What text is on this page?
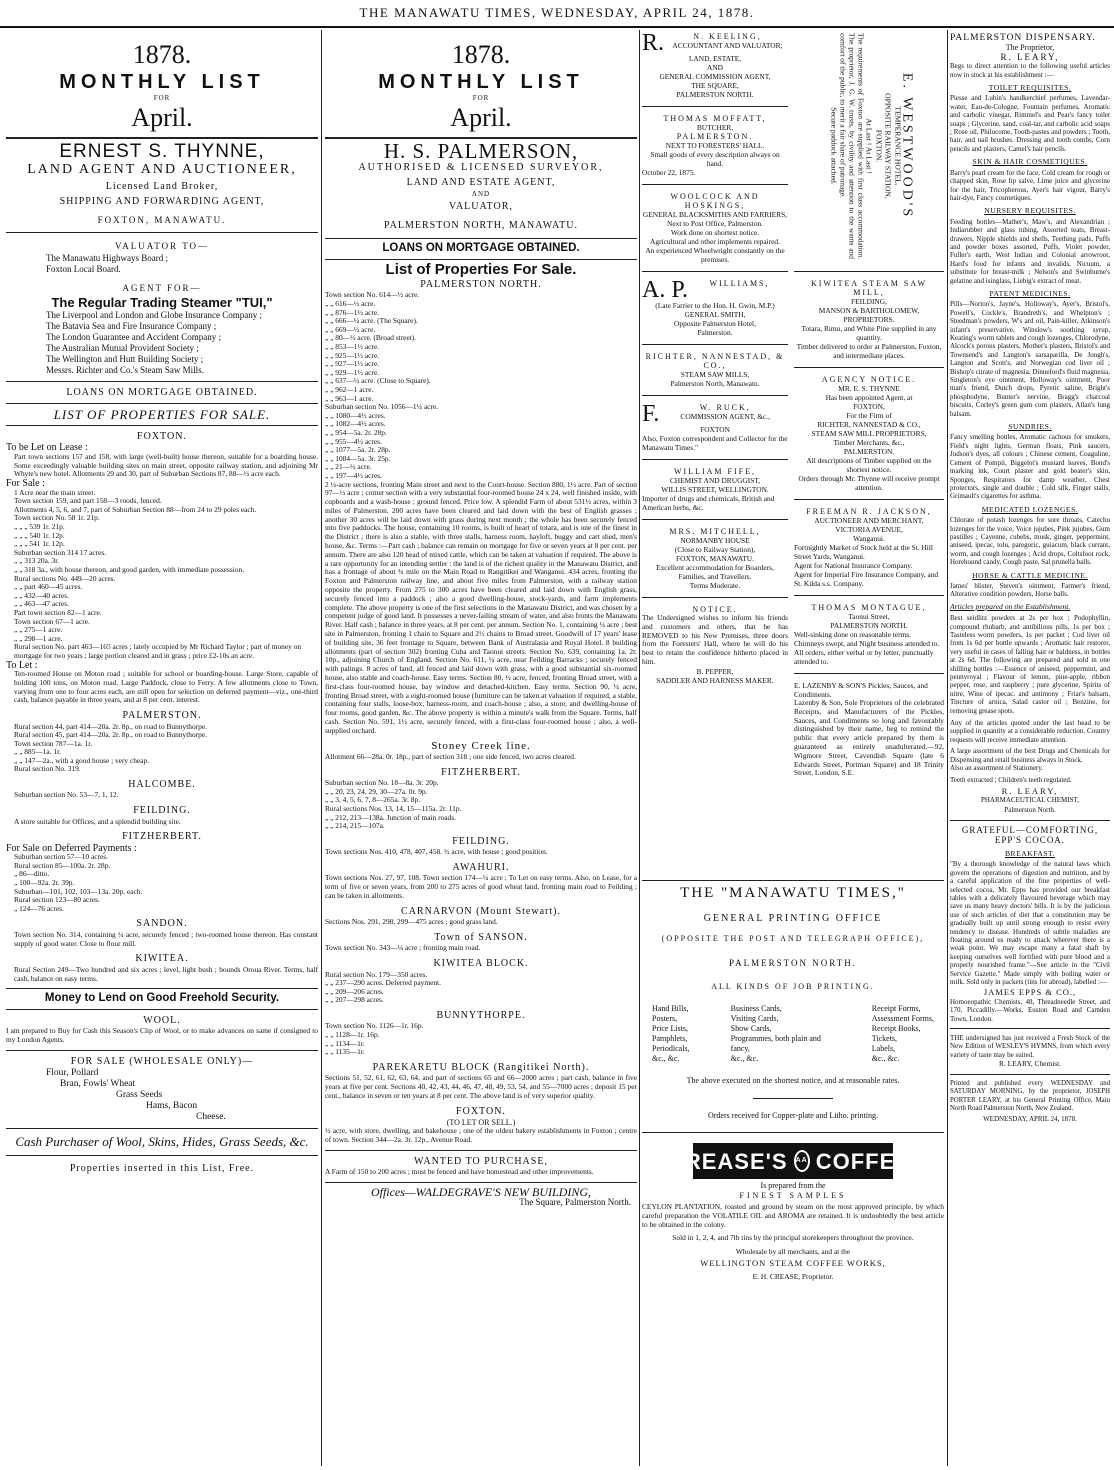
THE MANAWATU TIMES, WEDNESDAY, APRIL 24, 1878.
1878.
MONTHLY LIST
FOR
April.
ERNEST S. THYNNE,
LAND AGENT AND AUCTIONEER,
Licensed Land Broker,
SHIPPING AND FORWARDING AGENT,
FOXTON, MANAWATU.
VALUATOR TO—
The Manawatu Highways Board ;
Foxton Local Board.
AGENT FOR—
The Regular Trading Steamer "TUI,"
The Liverpool and London and Globe Insurance Company ;
The Batavia Sea and Fire Insurance Company ;
The London Guarantee and Accident Company ;
The Australian Mutual Provident Society ;
The Wellington and Hutt Building Society ;
Messrs. Richter and Co.'s Steam Saw Mills.
LOANS ON MORTGAGE OBTAINED.
LIST OF PROPERTIES FOR SALE.
FOXTON.
To be Let on Lease :
Part town sections 157 and 158, with large (well-built) house thereon, suitable for a boarding house. Some exceedingly valuable building sites on main street, opposite railway station, and adjoining Mr Whyte's new hotel. Allotments 29 and 30, part of Suburban Sections 87, 88—½ acre each.
For Sale :
1 Acre near the main street.
Town section 159, and part 158—3 roods, fenced.
Allotments 4, 5, 6, and 7, part of Suburban Section 88—from 24 to 29 poles each.
Town section No. 58 1r. 21p.
„ „ „ 539 1r. 21p.
„ „ „ 540 1r. 12p.
„ „ „ 541 1r. 12p.
Suburban section 314 17 acres.
„ „ 313 20a. 3r.
„ „ 318 3a., with house thereon, and good garden, with immediate possession.
Rural sections No. 449—20 acres.
„ „ part 460—45 acres.
„ „ 432—40 acres.
„ „ 463—47 acres.
Part town section 82—1 acre.
Town section 67—1 acre.
„ „ 275—1 acre.
„ „ 298—1 acre.
Rural section No. part 463—165 acres ; lately occupied by Mr Richard Taylor ; part of money on mortgage for two years ; large portion cleared and in grass ; price £2-10s an acre.
To Let :
Ten-roomed House on Moton road ; suitable for school or boarding-house. Large Store, capable of holding 100 tons, on Moton road. Large Paddock, close to Ferry. A few allotments close to Town, varying from one to four acres each, are still open for selection on deferred payment—viz., one-third cash, balance payable in three years, and at 8 per cent. interest.
PALMERSTON.
Rural section 44, part 414—20a. 2r. 8p., on road to Bunnythorpe.
Rural section 45, part 414—20a. 2r. 8p., on road to Bunnythorpe.
Town section 787—1a. 1r.
„ „ 885—1a. 1r.
„ „ 147—2a., with a good house ; very cheap.
Rural section No. 319.
HALCOMBE.
Suburban section No. 53—7, 1, 12.
FEILDING.
A store suitable for Offices, and a splendid building site.
FITZHERBERT.
For Sale on Deferred Payments :
Suburban section 57—10 acres.
Rural section 85—100a. 2r. 28p.
„ 86—ditto.
„ 100—92a. 2r. 39p.
Suburban—101, 102, 103—13a. 20p. each.
Rural section 123—80 acres.
„ 124—76 acres.
SANDON.
Town section No. 314, containing ¼ acre, securely fenced ; two-roomed house thereon. Has constant supply of good water. Close to flour mill.
KIWITEA.
Rural Section 249—Two hundred and six acres ; level, light bush ; bounds Oroua River. Terms, half cash, balance on easy terms.
Money to Lend on Good Freehold Security.
WOOL.
I am prepared to Buy for Cash this Season's Clip of Wool, or to make advances on same if consigned to my London Agents.
FOR SALE (WHOLESALE ONLY)—
Flour, Pollard
Bran, Fowls' Wheat
Grass Seeds
Hams, Bacon
Cheese.
Cash Purchaser of Wool, Skins, Hides, Grass Seeds, &c.
Properties inserted in this List, Free.
1878.
MONTHLY LIST
FOR
April.
H. S. PALMERSON,
AUTHORISED & LICENSED SURVEYOR,
LAND AND ESTATE AGENT,
AND
VALUATOR,
PALMERSTON NORTH, MANAWATU.
LOANS ON MORTGAGE OBTAINED.
List of Properties For Sale.
PALMERSTON NORTH.
Town section No. 614—½ acre.
„ „ 616—½ acre.
„ „ 876—1½ acre.
„ „ 666—¼ acre. (The Square).
„ „ 669—½ acre.
„ „ 80—½ acre. (Broad street).
„ „ 853—1½ acre.
„ „ 925—1½ acre.
„ „ 927—1½ acre.
„ „ 929—1½ acre.
„ „ 637—½ acre. (Close to Square).
„ „ 962—1 acre.
„ „ 963—1 acre.
Suburban section No. 1056—1¼ acre.
„ „ 1080—4½ acres.
„ „ 1082—4½ acres.
„ „ 954—5a. 2r. 28p.
„ „ 955—4½ acres.
„ „ 1077—5a. 2r. 28p.
„ „ 1084—5a. 3r. 25p.
„ „ 21—½ acre.
„ „ 197—4½ acres.
2 ½-acre sections, fronting Main street and next to the Court-house. Section 880, 1½ acre. Part of section 97—½ acre ; corner section with a very substantial four-roomed house 24 x 24, well finished inside, with cupboards and a wash-house ; ground fenced. Price low. A splendid Farm of about 531½ acres, within 3 miles of Palmerston. 200 acres have been cleared and laid down with the best of English grasses ; another 30 acres will be laid down with grass during next month ; the whole has been securely fenced into five paddocks. The house, containing 10 rooms, is built of heart of totara, and is one of the finest in the District ; there is also a stable, with three stalls, harness room, hayloft, buggy and cart shed, men's house, &c. Terms :—Part cash ; balance can remain on mortgage for five or seven years at 8 per cent. per annum. There are also 120 head of mixed cattle, which can be taken at valuation if required. The above is a rare opportunity for an intending settler : the land is of the richest quality in the Manawatu District, and has a frontage of about ¾ mile on the Main Road to Rangitikei and Wanganui. 434 acres, fronting the Foxton and Palmerston railway line, and about five miles from Palmerston, with a railway station opposite the property. From 275 to 300 acres have been cleared and laid down with English grass, securely fenced into a paddock ; also a good dwelling-house, stock-yards, and farm implements complete. The above property is one of the first selections in the Manawatu District, and was chosen by a competent judge of good land. It possesses a never-failing stream of water, and also fronts the Manawatu River. Half cash ; balance in three years, at 8 per cent. per annum. Section No. 1, containing ¼ acre ; best site in Palmerston, fronting 1 chain to Square and 2½ chains to Broad street. Goodwill of 17 years' lease of building site, 36 feet frontage to Square, between Bank of Australasia and Royal Hotel. 8 building allotments (part of section 302) fronting Cuba and Taonui streets. Section No. 639, containing 1a. 2r. 10p., adjoining Church of England. Section No. 611, ¼ acre, near Feilding Barracks ; securely fenced with palings. 8 acres of land, all fenced and laid down with grass, with a good substantial six-roomed house, also stable and coach-house. Easy terms. Section 80, ½ acre, fenced, fronting Broad street, with a first-class four-roomed house, bay window and detached-kitchen. Easy terms. Section 90, ¼ acre, fronting Broad street, with a eight-roomed house (furniture can be taken at valuation if required, a stable, containing four stalls, loose-box, harness-room, and coach-house ; also, a store, and dwelling-house of four rooms, good garden, &c. The above property is within a minute's walk from the Square. Terms, half cash. Section No. 591, 1½ acre, securely fenced, with a first-class four-roomed house ; also, a well-supplied orchard.
Stoney Creek line.
Allotment 66—28a. 0r. 18p., part of section 318 ; one side fenced, two acres cleared.
FITZHERBERT.
Suburban section No. 18—8a. 3r. 20p.
„ „ 20, 23, 24, 29, 30—27a. 0r. 9p.
„ „ 3, 4, 5, 6, 7, 8—265a. 3r. 8p.
Rural sections Nos. 13, 14, 15—115a. 2r. 11p.
„ „ 212, 213—138a. Junction of main roads.
„ „ 214, 215—107a.
FEILDING.
Town sections Nos. 410, 478, 407, 458. ½ acre, with house ; good position.
AWAHURI.
Town sections Nos. 27, 97, 108. Town section 174—¼ acre ; To Let on easy terms. Also, on Lease, for a term of five or seven years, from 200 to 275 acres of good wheat land, fronting main road to Feilding ; can be taken in allotments.
CARNARVON (Mount Stewart).
Sections Nos. 291, 298, 299—475 acres ; good grass land.
Town of SANSON.
Town section No. 343—¼ acre ; fronting main road.
KIWITEA BLOCK.
Rural section No. 179—350 acres.
„ „ 237—290 acres. Deferred payment.
„ „ 209—206 acres.
„ „ 207—298 acres.
BUNNYTHORPE.
Town section No. 1126—1r. 16p.
„ „ 1128—1r. 16p.
„ „ 1134—1r.
„ „ 1135—1r.
PAREKARETU BLOCK (Rangitikei North).
Sections 51, 52, 61, 62, 63, 64, and part of sections 65 and 66—2000 acres ; part cash, balance in five years at five per cent. Sections 40, 42, 43, 44, 46, 47, 48, 49, 53, 54, and 55—7000 acres ; deposit 15 per cent., balance in seven or ten years at 8 per cent. The above land is of very superior quality.
FOXTON.
(TO LET OR SELL.)
½ acre, with store, dwelling, and bakehouse ; one of the oldest bakery establishments in Foxton ; centre of town. Section 344—2a. 3r. 12p., Avenue Road.
WANTED TO PURCHASE,
A Farm of 150 to 200 acres ; must be fenced and have homestead and other improvements.
Offices—WALDEGRAVE'S NEW BUILDING,
The Square, Palmerston North.
R.	N. KEELING,
ACCOUNTANT AND VALUATOR;
LAND, ESTATE,
AND
GENERAL COMMISSION AGENT,
THE SQUARE,
PALMERSTON NORTH.
THOMAS MOFFATT,
BUTCHER,
PALMERSTON.
NEXT TO FORESTERS' HALL.
Small goods of every description always on hand.
October 22, 1875.
WOOLCOCK AND HOSKINGS,
GENERAL BLACKSMITHS AND FARRIERS,
Next to Post Office, Palmerston.
Work done on shortest notice.
Agricultural and other implements repaired.
An experienced Wheelwright constantly on the premises.
A. P.	WILLIAMS,
(Late Farrier to the Hon. H. Gwin, M.P.)
GENERAL SMITH,
Opposite Palmerston Hotel,
Palmerston.
RICHTER, NANNESTAD, & CO.,
STEAM SAW MILLS,
Palmerston North, Manawatu.
F.	W. RUCK,
COMMISSION AGENT, &c.,
FOXTON
Also, Foxton correspondent and Collector for the Manawatu Times."
WILLIAM FIFE,
CHEMIST AND DRUGGIST,
WILLIS STREET, WELLINGTON.
Importer of drugs and chemicals, British and American herbs, &c.
MRS. MITCHELL,
NORMANBY HOUSE
(Close to Railway Station),
FOXTON, MANAWATU.
Excellent accommodation for Boarders, Families, and Travellers.
Terms Moderate.
NOTICE.
The Undersigned wishes to inform his friends and customers and others, that he has REMOVED to his New Premises, three doors from the Foresters' Hall, where he will do his best to retain the confidence hitherto placed in him.
B. PEPPER,
SADDLER AND HARNESS MAKER.
E. WESTWOOD'S
TEMPERANCE HOTEL,
OPPOSITE RAILWAY STATION,
FOXTON.
At Last ! At Last !
The requirements of Foxton are supplied with first class accommodation. The proprietor, J. G. W. trusts, by civility and attention to the wants and comfort of the public, to merit a fair share of patronage.
Secure paddock attached.
KIWITEA STEAM SAW MILL,
FEILDING,
MANSON & BARTHOLOMEW,
PROPRIETORS.
Totara, Rimu, and White Pine supplied in any quantity.
Timber delivered to order at Palmerston, Foxton, and intermediate places.
AGENCY NOTICE.
MR. E. S. THYNNE
Has been appointed Agent, at
FOXTON,
For the Firm of
RICHTER, NANNESTAD & CO.,
STEAM SAW MILL PROPRIETORS,
Timber Merchants, &c.,
PALMERSTON.
All descriptions of Timber supplied on the shortest notice.
Orders through Mr. Thynne will receive prompt attention.
FREEMAN R. JACKSON,
AUCTIONEER AND MERCHANT,
VICTORIA AVENUE,
Wanganui.
Fortnightly Market of Stock held at the St. Hill Street Yards, Wanganui.
Agent for National Insurance Company.
Agent for Imperial Fire Insurance Company, and St. Kilda s.s. Company.
THOMAS MONTAGUE,
Taonui Street,
PALMERSTON NORTH.
Well-sinking done on reasonable terms.
Chimneys swept, and Night business attended to.
All orders, either verbal or by letter, punctually attended to.
E. LAZENBY & SON'S Pickles, Sauces, and Condiments.
Lazenby & Son, Sole Proprietors of the celebrated Receipts, and Manufacturers of the Pickles, Sauces, and Condiments so long and favourably distinguished by their name, beg to remind the public that every article prepared by them is guaranteed as entirely unadulterated.—92, Wigmore Street, Cavendish Square (late 6 Edwards Street, Portman Square) and 18 Trinity Street, London, S.E.
THE "MANAWATU TIMES,"
GENERAL PRINTING OFFICE
(OPPOSITE THE POST AND TELEGRAPH OFFICE),
PALMERSTON NORTH.
ALL KINDS OF JOB PRINTING.
Hand Bills,
Posters,
Price Lists,
Pamphlets,
Periodicals,
&c., &c.
Business Cards,
Visiting Cards,
Show Cards,
Programmes, both plain and fancy,
&c., &c.
Receipt Forms,
Assessment Forms,
Receipt Books,
Tickets,
Labels,
&c., &c.
The above executed on the shortest notice, and at reasonable rates.
Orders received for Copper-plate and Litho. printing.
CREASE'S AA COFFEE.
Is prepared from the
FINEST SAMPLES
CEYLON PLANTATION, roasted and ground by steam on the most approved principle, by which careful preparation the VOLATILE OIL and AROMA are retained. It is undoubtedly the best article to be obtained in the colony.
Sold in 1, 2, 4, and 7lb tins by the principal storekeepers throughout the province.
Wholesale by all merchants, and at the
WELLINGTON STEAM COFFEE WORKS,
E. H. CREASE, Proprietor.
PALMERSTON DISPENSARY.
The Proprietor,
R. LEARY,
Begs to direct attention to the following useful articles now in stock at his establishment :—
TOILET REQUISITES.
Piesse and Lubin's handkerchief perfumes, Lavendar-water, Eau-de-Cologne, Fountain perfumes, Aromatic and carbolic vinegar, Rimmel's and Pear's fancy toilet soaps ; Glycerine, sand, coal-tar, and carbolic acid soaps ; Rose oil, Philocome, Tooth-pastes and powders ; Tooth, hair, and nail brushes. Dressing and tooth combs, Corn pencils and plasters, Camel's hair pencils.
SKIN & HAIR COSMETIQUES.
Barry's pearl cream for the face, Cold cream for rough or chapped skin, Rose lip salve, Lime juice and glycerine for the hair, Tricopherous, Ayer's hair vigour, Barry's hair-dye, Fancy cosmetiques.
NURSERY REQUISITES.
Feeding bottles—Mather's, Maw's, and Alexandrian ; Indiarubber and glass tubing, Assorted teats, Breast-drawers, Nipple shields and shells, Teething pads, Puffs and powder boxes assorted, Puffs, Violet powder, Fuller's earth, West Indian and Colonial arrowroot, Hard's food for infants and invalids, Nicuum, a substitute for breast-milk ; Nelson's and Swinburne's gelatine and isinglass, Liebig's extract of meat.
PATENT MEDICINES.
Pills—Norton's, Jayne's, Holloway's, Ayer's, Bristol's, Powell's, Cockle's, Brandreth's, and Whelpton's ; Steedman's powders, W's ard oil, Pain-killer, Atkinson's infant's preservative, Winslow's soothing syrup, Keating's worm tablets and cough lozenges, Chlorodyne, Alcock's porous plasters, Mother's plasters, Bristol's and Townsend's and Langton's sarsaparilla, De Jongh's, Langton and Scott's, and Norwegian cod liver oil ; Bishop's citrate of magnesia, Dinneford's fluid magnesia, Singleton's eye ointment, Holloway's ointment, Poor man's friend, Dutch drops, Pyretic saline, Bright's phosphodyne, Bunter's nervine, Bragg's charcoal biscuits, Corley's green gum corn plasters, Allan's lung balsam.
SUNDRIES.
Fancy smelling bottles, Aromatic cachous for smokers, Field's night lights, German floats, Pink saucers, Judson's dyes, all colours ; Chinese cement, Coaguline, Cement of Pompii, Biggelot's mustard leaves, Bond's marking ink, Court plaster and gold beater's skin, Sponges, Respirators for damp weather, Chest protectors, single and double ; Cold silk, Finger stalls, Grimault's cigarettes for asthma.
MEDICATED LOZENGES.
Chlorate of potash lozenges for sore throats, Catechu lozenges for the voice, Voice jujubes, Pink jujubes, Gum pastilles ; Cayenne, cubebs, musk, ginger, peppermint, aniseed, ipecac, tolu, paregoric, guiacum, black currant, worm, and cough lozenges ; Acid drops, Coltsfoot rock, Horehound candy, Cough paste, Sal prunella balls.
HORSE & CATTLE MEDICINE.
James' blister, Steven's ointment, Farmer's friend, Alterative condition powders, Horse balls.
Articles prepared on the Establishment.
Best seidlitz powders at 2s per box ; Podophyllin, compound rhubarb, and antibilious pills, 1s per box ; Tasteless worm powders, 1s per packet ; Cod liver oil from 1s 6d per bottle upwards ; Aromatic hair restorer, very useful in cases of falling hair or baldness, in bottles at 2s 6d. The following are prepared and sold in one shilling bottles :—Essence of aniseed, peppermint, and pennyroyal ; Flavour of lemon, pine-apple, ribbon pepper, rose, and raspberry ; pure glycerine, Spirits of nitre, Wine of ipecac. and antimony ; Friar's balsam, Tincture of arnica, Salad castor oil ; Benzine, for removing grease spots.
Any of the articles quoted under the last head to be supplied in quantity at a considerable reduction. Country requests will receive immediate attention.
A large assortment of the best Drugs and Chemicals for Dispensing and retail business always in Stock.
Also an assortment of Stationery.
Teeth extracted ; Children's teeth regulated.
R. LEARY,
PHARMACEUTICAL CHEMIST,
Palmerston North.
GRATEFUL—COMFORTING,
EPP'S COCOA.
BREAKFAST.
"By a thorough knowledge of the natural laws which govern the operations of digestion and nutrition, and by a careful application of the fine properties of well-selected cocoa, Mr. Epps has provided our breakfast tables with a delicately flavoured beverage which may save us many heavy doctors' bills. It is by the judicious use of such articles of diet that a constitution may be gradually built up until strong enough to resist every tendency to disease. Hundreds of subtle maladies are floating around us ready to attack wherever there is a weak point. We may escape many a fatal shaft by keeping ourselves well fortified with pure blood and a properly nourished frame."—See article in the "Civil Service Gazette." Made simply with boiling water or milk. Sold only in packets (tins for abroad), labelled :—
JAMES EPPS & CO.,
Homoeopathic Chemists, 48, Threadneedle Street, and 170, Piccadilly.—Works, Euston Road and Camden Town, London.
THE undersigned has just received a Fresh Stock of the New Edition of WESLEY'S HYMNS, from which every variety of taste may be suited.
R. LEARY, Chemist.
Printed and published every WEDNESDAY and SATURDAY MORNING, by the proprietor, JOSEPH PORTER LEARY, at his General Printing Office, Main North Road Palmerston North, New Zealand.
WEDNESDAY, APRIL 24, 1878.
